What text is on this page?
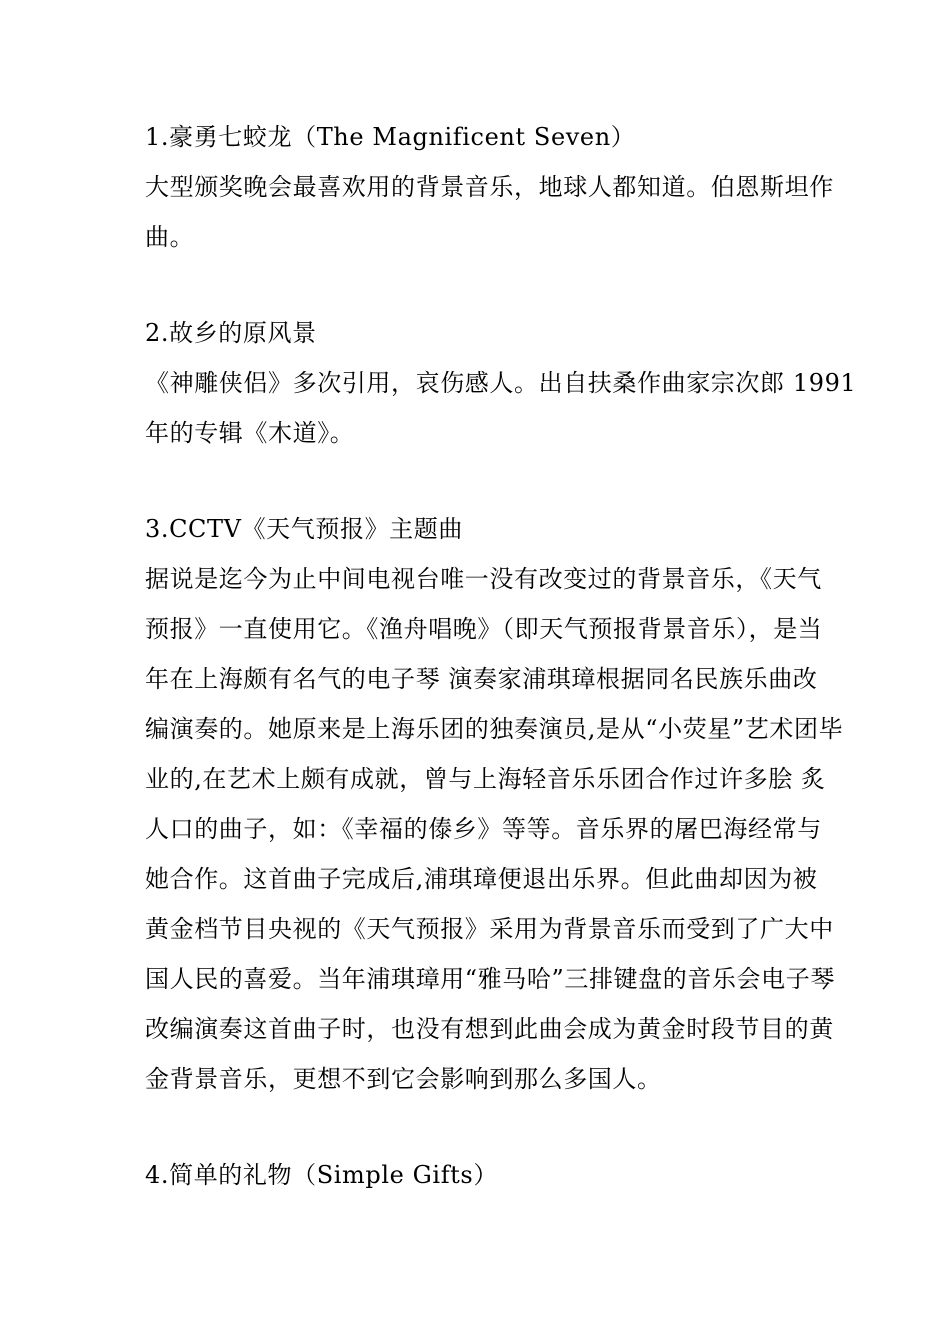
1.豪勇七蛟龙（The Magnificent Seven）
大型颁奖晚会最喜欢用的背景音乐，地球人都知道。伯恩斯坦作
曲。
2.故乡的原风景
《神雕侠侣》多次引用，哀伤感人。出自扶桑作曲家宗次郎 1991
年的专辑《木道》。
3.CCTV《天气预报》主题曲
据说是迄今为止中间电视台唯一没有改变过的背景音乐，《天气
预报》一直使用它。《渔舟唱晚》（即天气预报背景音乐），是当
年在上海颇有名气的电子琴 演奏家浦琪璋根据同名民族乐曲改
编演奏的。她原来是上海乐团的独奏演员,是从“小荧星”艺术团毕
业的,在艺术上颇有成就，曾与上海轻音乐乐团合作过许多脍 炙
人口的曲子，如：《幸福的傣乡》等等。音乐界的屠巴海经常与
她合作。这首曲子完成后,浦琪璋便退出乐界。但此曲却因为被
黄金档节目央视的《天气预报》采用为背景音乐而受到了广大中
国人民的喜爱。当年浦琪璋用“雅马哈”三排键盘的音乐会电子琴
改编演奏这首曲子时，也没有想到此曲会成为黄金时段节目的黄
金背景音乐，更想不到它会影响到那么多国人。
4.简单的礼物（Simple Gifts）
